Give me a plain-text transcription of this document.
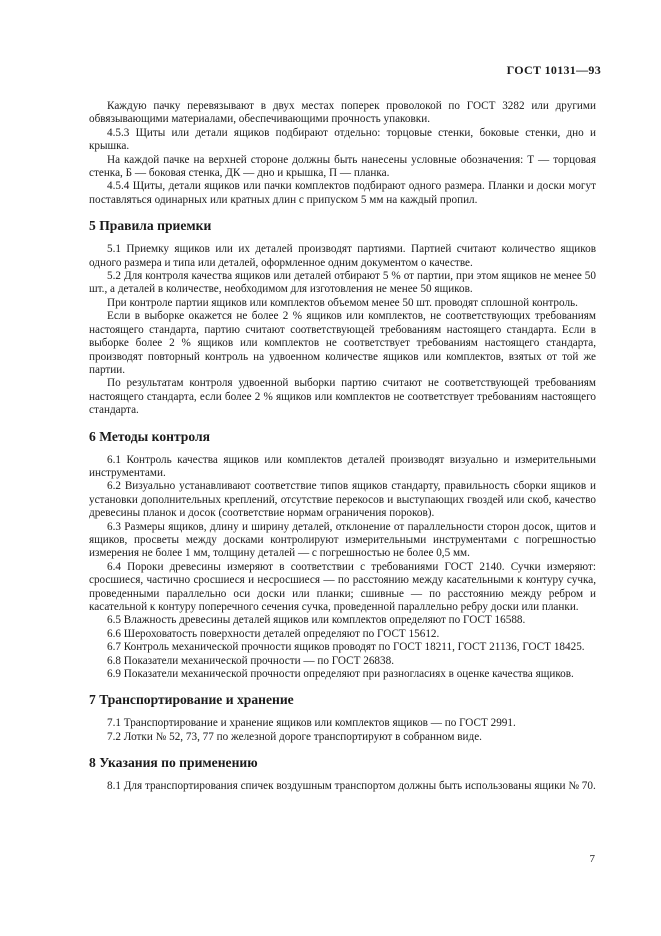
ГОСТ 10131—93

Каждую пачку перевязывают в двух местах поперек проволокой по ГОСТ 3282 или другими обвязывающими материалами, обеспечивающими прочность упаковки.

4.5.3 Щиты или детали ящиков подбирают отдельно: торцовые стенки, боковые стенки, дно и крышка.

На каждой пачке на верхней стороне должны быть нанесены условные обозначения: Т — торцовая стенка, Б — боковая стенка, ДК — дно и крышка, П — планка.

4.5.4 Щиты, детали ящиков или пачки комплектов подбирают одного размера. Планки и доски могут поставляться одинарных или кратных длин с припуском 5 мм на каждый пропил.

5 Правила приемки

5.1 Приемку ящиков или их деталей производят партиями. Партией считают количество ящиков одного размера и типа или деталей, оформленное одним документом о качестве.

5.2 Для контроля качества ящиков или деталей отбирают 5 % от партии, при этом ящиков не менее 50 шт., а деталей в количестве, необходимом для изготовления не менее 50 ящиков.

При контроле партии ящиков или комплектов объемом менее 50 шт. проводят сплошной контроль.

Если в выборке окажется не более 2 % ящиков или комплектов, не соответствующих требованиям настоящего стандарта, партию считают соответствующей требованиям настоящего стандарта. Если в выборке более 2 % ящиков или комплектов не соответствует требованиям настоящего стандарта, производят повторный контроль на удвоенном количестве ящиков или комплектов, взятых от той же партии.

По результатам контроля удвоенной выборки партию считают не соответствующей требованиям настоящего стандарта, если более 2 % ящиков или комплектов не соответствует требованиям настоящего стандарта.

6 Методы контроля

6.1 Контроль качества ящиков или комплектов деталей производят визуально и измерительными инструментами.

6.2 Визуально устанавливают соответствие типов ящиков стандарту, правильность сборки ящиков и установки дополнительных креплений, отсутствие перекосов и выступающих гвоздей или скоб, качество древесины планок и досок (соответствие нормам ограничения пороков).

6.3 Размеры ящиков, длину и ширину деталей, отклонение от параллельности сторон досок, щитов и ящиков, просветы между досками контролируют измерительными инструментами с погрешностью измерения не более 1 мм, толщину деталей — с погрешностью не более 0,5 мм.

6.4 Пороки древесины измеряют в соответствии с требованиями ГОСТ 2140. Сучки измеряют: сросшиеся, частично сросшиеся и несросшиеся — по расстоянию между касательными к контуру сучка, проведенными параллельно оси доски или планки; сшивные — по расстоянию между ребром и касательной к контуру поперечного сечения сучка, проведенной параллельно ребру доски или планки.

6.5 Влажность древесины деталей ящиков или комплектов определяют по ГОСТ 16588.

6.6 Шероховатость поверхности деталей определяют по ГОСТ 15612.

6.7 Контроль механической прочности ящиков проводят по ГОСТ 18211, ГОСТ 21136, ГОСТ 18425.

6.8 Показатели механической прочности — по ГОСТ 26838.

6.9 Показатели механической прочности определяют при разногласиях в оценке качества ящиков.

7 Транспортирование и хранение

7.1 Транспортирование и хранение ящиков или комплектов ящиков — по ГОСТ 2991.

7.2 Лотки № 52, 73, 77 по железной дороге транспортируют в собранном виде.

8 Указания по применению

8.1 Для транспортирования спичек воздушным транспортом должны быть использованы ящики № 70.

7
